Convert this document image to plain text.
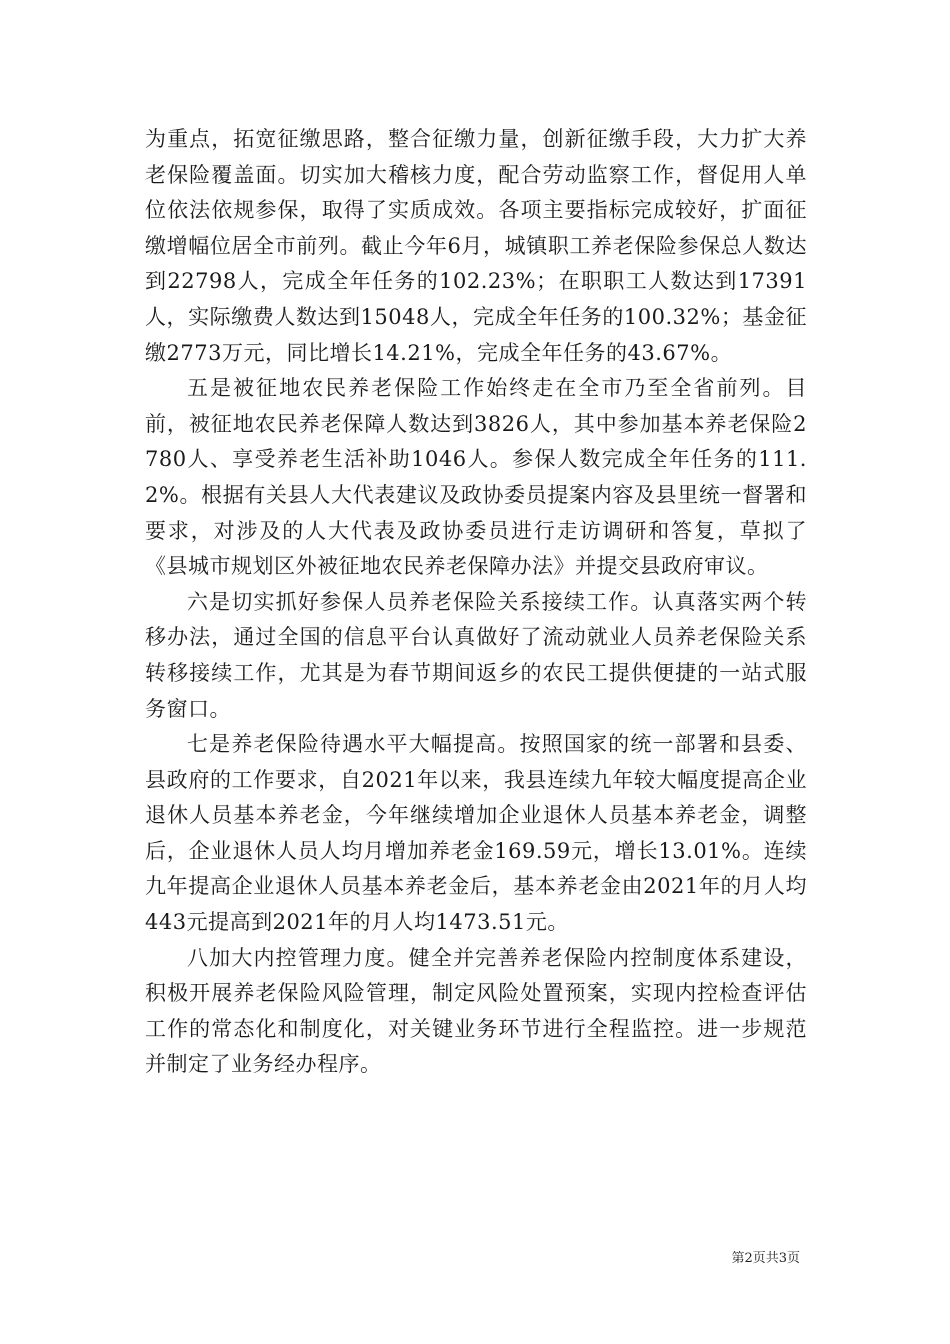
为重点，拓宽征缴思路，整合征缴力量，创新征缴手段，大力扩大养老保险覆盖面。切实加大稽核力度，配合劳动监察工作，督促用人单位依法依规参保，取得了实质成效。各项主要指标完成较好，扩面征缴增幅位居全市前列。截止今年6月，城镇职工养老保险参保总人数达到22798人，完成全年任务的102.23%；在职职工人数达到17391人，实际缴费人数达到15048人，完成全年任务的100.32%；基金征缴2773万元，同比增长14.21%，完成全年任务的43.67%。

五是被征地农民养老保险工作始终走在全市乃至全省前列。目前，被征地农民养老保障人数达到3826人，其中参加基本养老保险2780人、享受养老生活补助1046人。参保人数完成全年任务的111.2%。根据有关县人大代表建议及政协委员提案内容及县里统一督署和要求，对涉及的人大代表及政协委员进行走访调研和答复，草拟了《县城市规划区外被征地农民养老保障办法》并提交县政府审议。

六是切实抓好参保人员养老保险关系接续工作。认真落实两个转移办法，通过全国的信息平台认真做好了流动就业人员养老保险关系转移接续工作，尤其是为春节期间返乡的农民工提供便捷的一站式服务窗口。

七是养老保险待遇水平大幅提高。按照国家的统一部署和县委、县政府的工作要求，自2021年以来，我县连续九年较大幅度提高企业退休人员基本养老金，今年继续增加企业退休人员基本养老金，调整后，企业退休人员人均月增加养老金169.59元，增长13.01%。连续九年提高企业退休人员基本养老金后，基本养老金由2021年的月人均443元提高到2021年的月人均1473.51元。

八加大内控管理力度。健全并完善养老保险内控制度体系建设，积极开展养老保险风险管理，制定风险处置预案，实现内控检查评估工作的常态化和制度化，对关键业务环节进行全程监控。进一步规范并制定了业务经办程序。

第2页共3页
